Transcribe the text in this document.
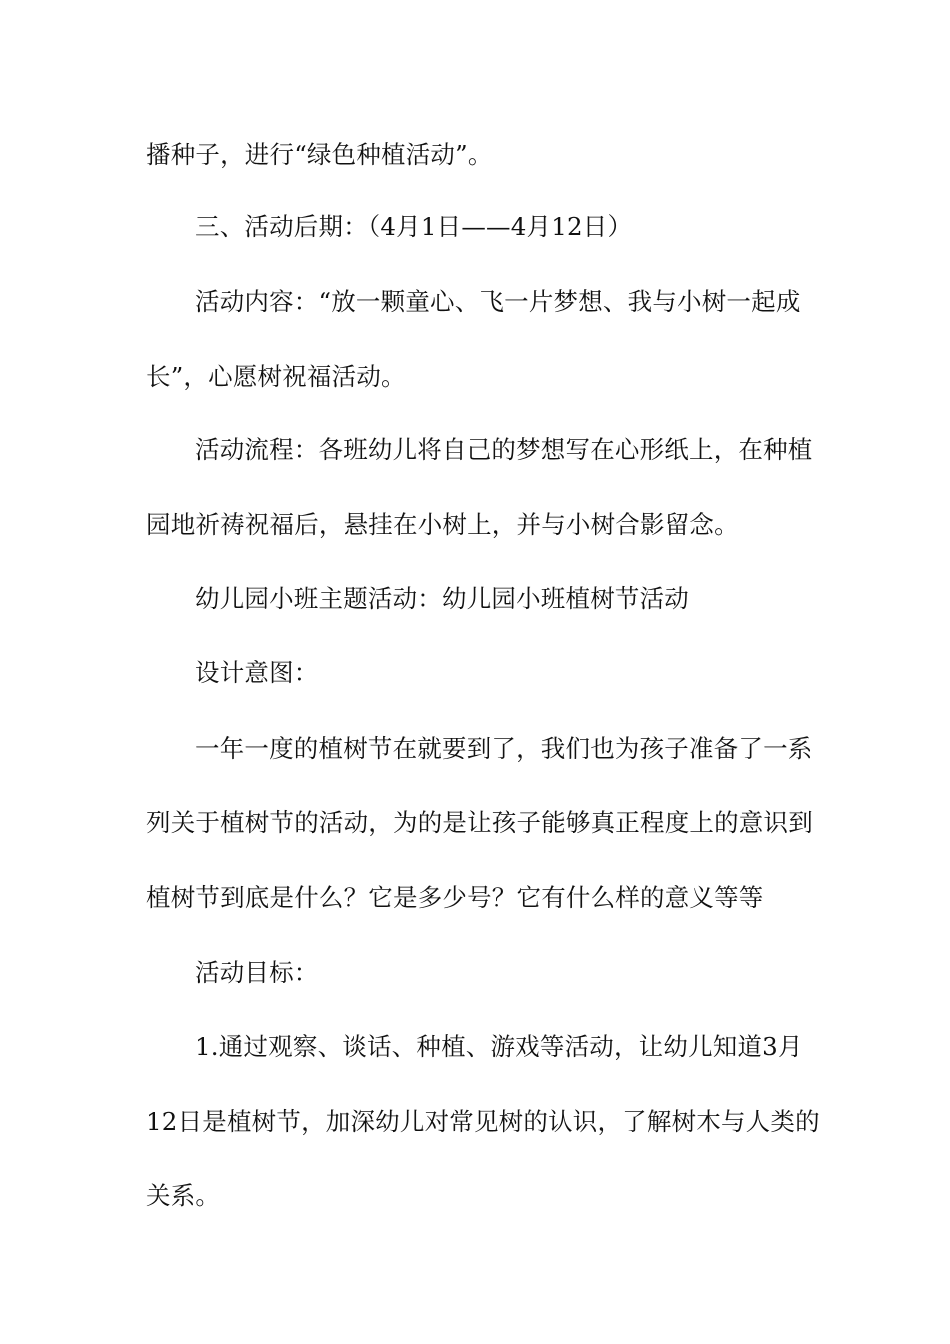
播种子，进行“绿色种植活动”。
三、活动后期：（4月1日——4月12日）
活动内容：“放一颗童心、飞一片梦想、我与小树一起成
长”，心愿树祝福活动。
活动流程：各班幼儿将自己的梦想写在心形纸上，在种植
园地祈祷祝福后，悬挂在小树上，并与小树合影留念。
幼儿园小班主题活动：幼儿园小班植树节活动
设计意图：
一年一度的植树节在就要到了，我们也为孩子准备了一系
列关于植树节的活动，为的是让孩子能够真正程度上的意识到
植树节到底是什么？它是多少号？它有什么样的意义等等
活动目标：
1.通过观察、谈话、种植、游戏等活动，让幼儿知道3月
12日是植树节，加深幼儿对常见树的认识，了解树木与人类的
关系。
